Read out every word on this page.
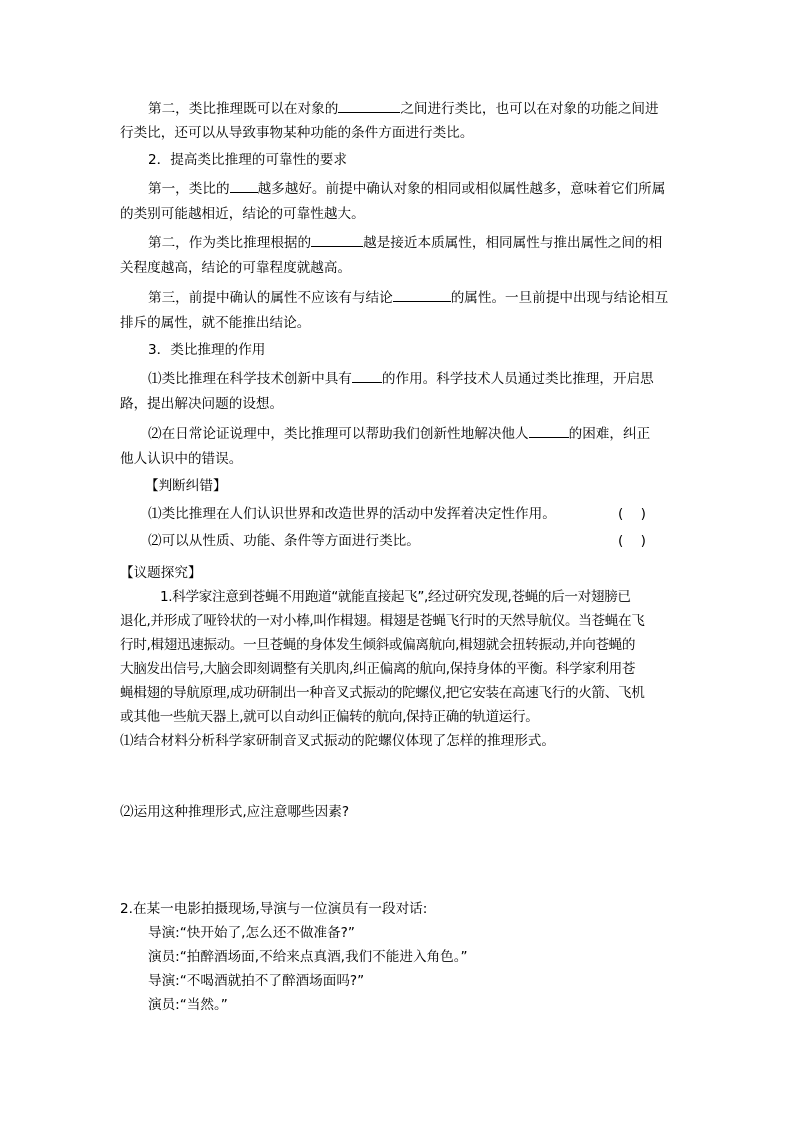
第二，类比推理既可以在对象的	之间进行类比，也可以在对象的功能之间进
行类比，还可以从导致事物某种功能的条件方面进行类比。
2．提高类比推理的可靠性的要求
第一，类比的 越多越好。前提中确认对象的相同或相似属性越多，意味着它们所属
的类别可能越相近，结论的可靠性越大。
第二，作为类比推理根据的	越是接近本质属性，相同属性与推出属性之间的相
关程度越高，结论的可靠程度就越高。
第三，前提中确认的属性不应该有与结论	的属性。一旦前提中出现与结论相互
排斥的属性，就不能推出结论。
3．类比推理的作用
⑴类比推理在科学技术创新中具有 的作用。科学技术人员通过类比推理，开启思
路，提出解决问题的设想。
⑵在日常论证说理中，类比推理可以帮助我们创新性地解决他人	的困难，纠正
他人认识中的错误。
【判断纠错】
⑴类比推理在人们认识世界和改造世界的活动中发挥着决定性作用。	(    )
⑵可以从性质、功能、条件等方面进行类比。	(    )
【议题探究】
1.科学家注意到苍蝇不用跑道“就能直接起飞”,经过研究发现,苍蝇的后一对翅膀已
退化,并形成了哑铃状的一对小棒,叫作楫翅。楫翅是苍蝇飞行时的天然导航仪。当苍蝇在飞
行时,楫翅迅速振动。一旦苍蝇的身体发生倾斜或偏离航向,楫翅就会扭转振动,并向苍蝇的
大脑发出信号,大脑会即刻调整有关肌肉,纠正偏离的航向,保持身体的平衡。科学家利用苍
蝇楫翅的导航原理,成功研制出一种音叉式振动的陀螺仪,把它安装在高速飞行的火箭、飞机
或其他一些航天器上,就可以自动纠正偏转的航向,保持正确的轨道运行。
⑴结合材料分析科学家研制音叉式振动的陀螺仪体现了怎样的推理形式。
⑵运用这种推理形式,应注意哪些因素?
2.在某一电影拍摄现场,导演与一位演员有一段对话:
导演:“快开始了,怎么还不做准备?”
演员:“拍醉酒场面,不给来点真酒,我们不能进入角色。”
导演:“不喝酒就拍不了醉酒场面吗?”
演员:“当然。”
